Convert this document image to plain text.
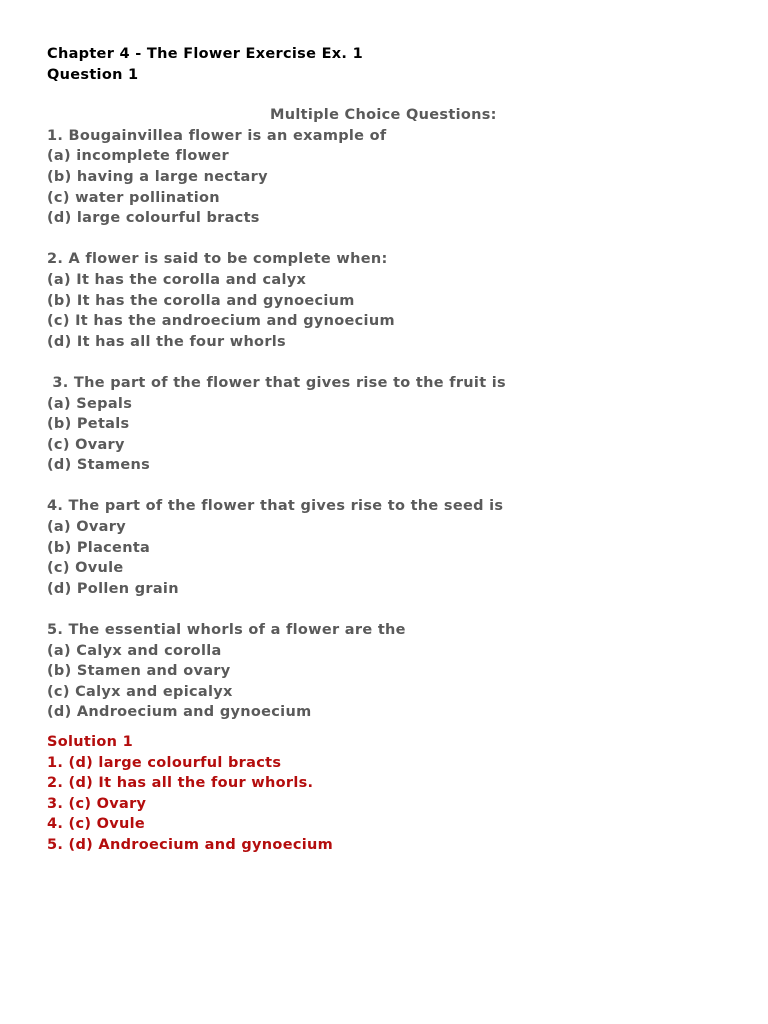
Chapter 4 - The Flower Exercise Ex. 1
Question 1
Multiple Choice Questions:
1. Bougainvillea flower is an example of
(a) incomplete flower
(b) having a large nectary
(c) water pollination
(d) large colourful bracts
2. A flower is said to be complete when:
(a) It has the corolla and calyx
(b) It has the corolla and gynoecium
(c) It has the androecium and gynoecium
(d) It has all the four whorls
3. The part of the flower that gives rise to the fruit is
(a) Sepals
(b) Petals
(c) Ovary
(d) Stamens
4. The part of the flower that gives rise to the seed is
(a) Ovary
(b) Placenta
(c) Ovule
(d) Pollen grain
5. The essential whorls of a flower are the
(a) Calyx and corolla
(b) Stamen and ovary
(c) Calyx and epicalyx
(d) Androecium and gynoecium
Solution 1
1. (d) large colourful bracts
2. (d) It has all the four whorls.
3. (c) Ovary
4. (c) Ovule
5. (d) Androecium and gynoecium
